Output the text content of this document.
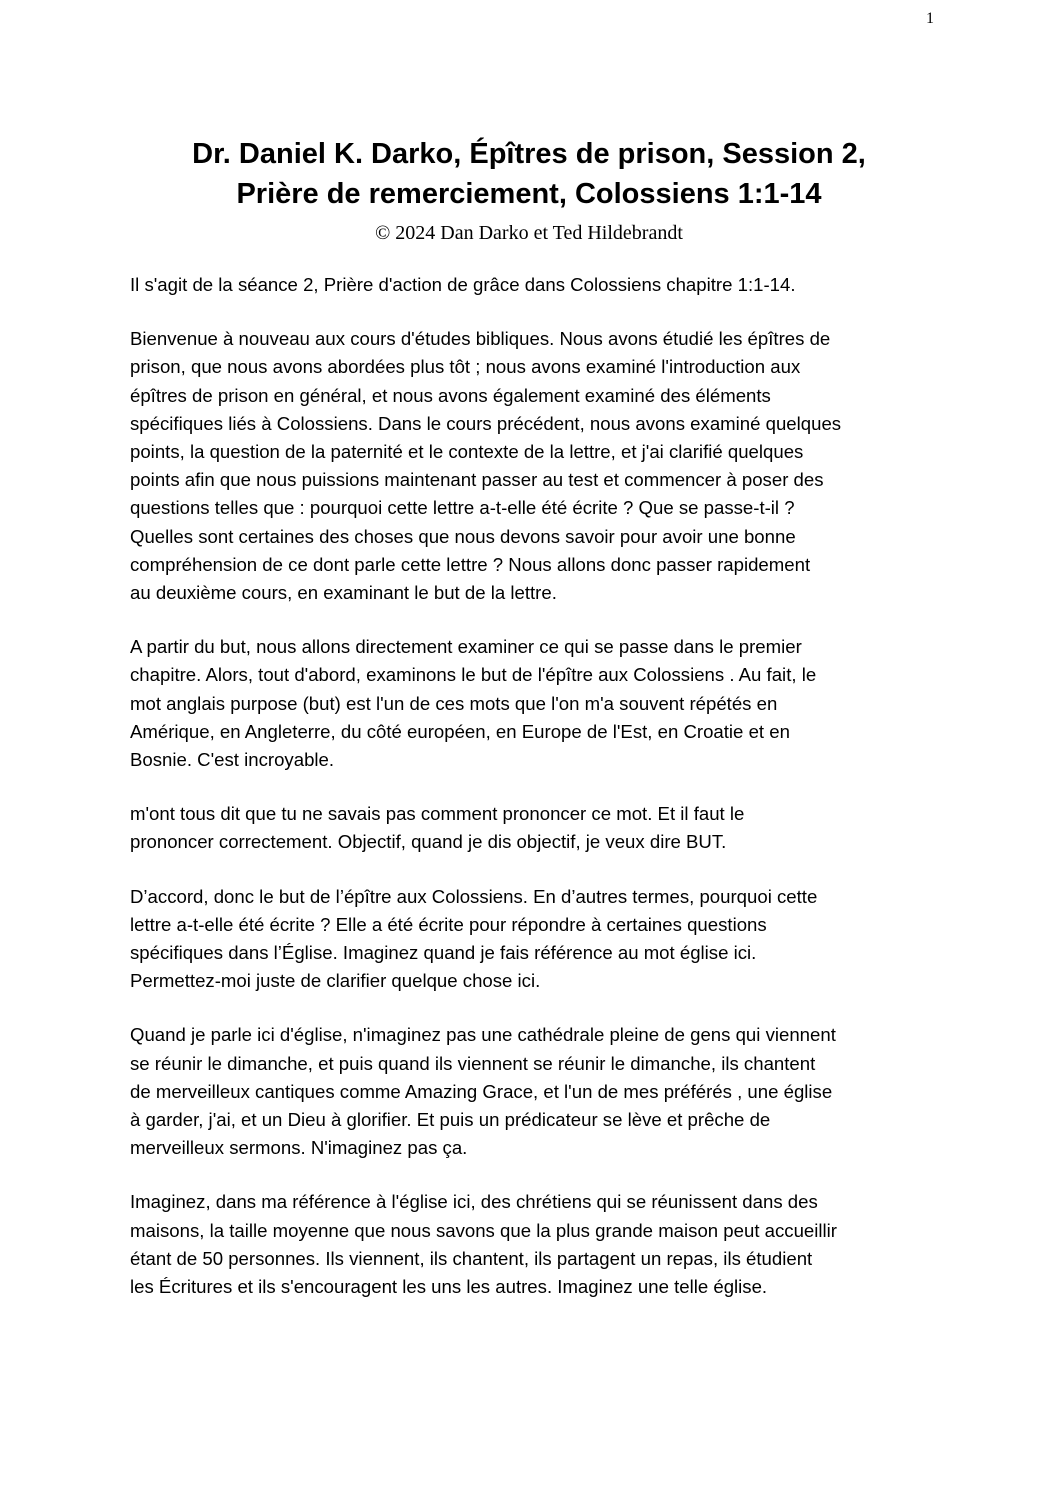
1
Dr. Daniel K. Darko, Épîtres de prison, Session 2,
Prière de remerciement, Colossiens 1:1-14
© 2024 Dan Darko et Ted Hildebrandt

Il s'agit de la séance 2, Prière d'action de grâce dans Colossiens chapitre 1:1-14.

Bienvenue à nouveau aux cours d'études bibliques. Nous avons étudié les épîtres de
prison, que nous avons abordées plus tôt ; nous avons examiné l'introduction aux
épîtres de prison en général, et nous avons également examiné des éléments
spécifiques liés à Colossiens. Dans le cours précédent, nous avons examiné quelques
points, la question de la paternité et le contexte de la lettre, et j'ai clarifié quelques
points afin que nous puissions maintenant passer au test et commencer à poser des
questions telles que : pourquoi cette lettre a-t-elle été écrite ? Que se passe-t-il ?
Quelles sont certaines des choses que nous devons savoir pour avoir une bonne
compréhension de ce dont parle cette lettre ? Nous allons donc passer rapidement
au deuxième cours, en examinant le but de la lettre.

A partir du but, nous allons directement examiner ce qui se passe dans le premier
chapitre. Alors, tout d'abord, examinons le but de l'épître aux Colossiens . Au fait, le
mot anglais purpose (but) est l'un de ces mots que l'on m'a souvent répétés en
Amérique, en Angleterre, du côté européen, en Europe de l'Est, en Croatie et en
Bosnie. C'est incroyable.

m'ont tous dit que tu ne savais pas comment prononcer ce mot. Et il faut le
prononcer correctement. Objectif, quand je dis objectif, je veux dire BUT.

D’accord, donc le but de l’épître aux Colossiens. En d’autres termes, pourquoi cette
lettre a-t-elle été écrite ? Elle a été écrite pour répondre à certaines questions
spécifiques dans l’Église. Imaginez quand je fais référence au mot église ici.
Permettez-moi juste de clarifier quelque chose ici.

Quand je parle ici d'église, n'imaginez pas une cathédrale pleine de gens qui viennent
se réunir le dimanche, et puis quand ils viennent se réunir le dimanche, ils chantent
de merveilleux cantiques comme Amazing Grace, et l'un de mes préférés , une église
à garder, j'ai, et un Dieu à glorifier. Et puis un prédicateur se lève et prêche de
merveilleux sermons. N'imaginez pas ça.

Imaginez, dans ma référence à l'église ici, des chrétiens qui se réunissent dans des
maisons, la taille moyenne que nous savons que la plus grande maison peut accueillir
étant de 50 personnes. Ils viennent, ils chantent, ils partagent un repas, ils étudient
les Écritures et ils s'encouragent les uns les autres. Imaginez une telle église.
